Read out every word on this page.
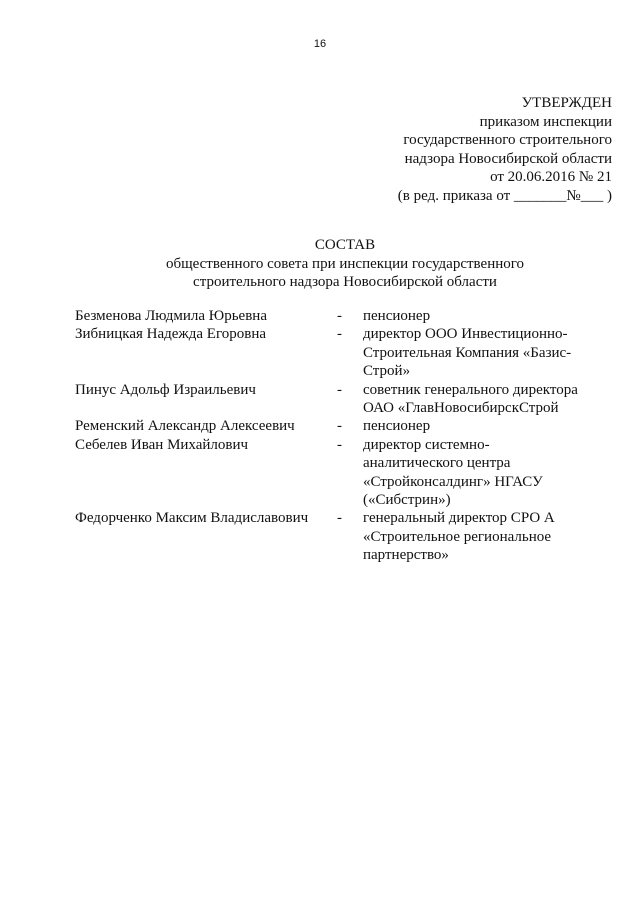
16
УТВЕРЖДЕН
приказом инспекции
государственного строительного
надзора Новосибирской области
от 20.06.2016 № 21
(в ред. приказа от _______№___ )
СОСТАВ
общественного совета при инспекции государственного
строительного надзора Новосибирской области
Безменова Людмила Юрьевна	-	пенсионер
Зибницкая Надежда Егоровна	-	директор ООО Инвестиционно-
Строительная Компания «Базис-
Строй»
Пинус Адольф Израильевич	-	советник генерального директора
ОАО «ГлавНовосибирскСтрой
Ременский Александр Алексеевич	-	пенсионер
Себелев Иван Михайлович	-	директор системно-
аналитического центра
«Стройконсалдинг» НГАСУ
(«Сибстрин»)
Федорченко Максим Владиславович	-	генеральный директор СРО А
«Строительное региональное
партнерство»
